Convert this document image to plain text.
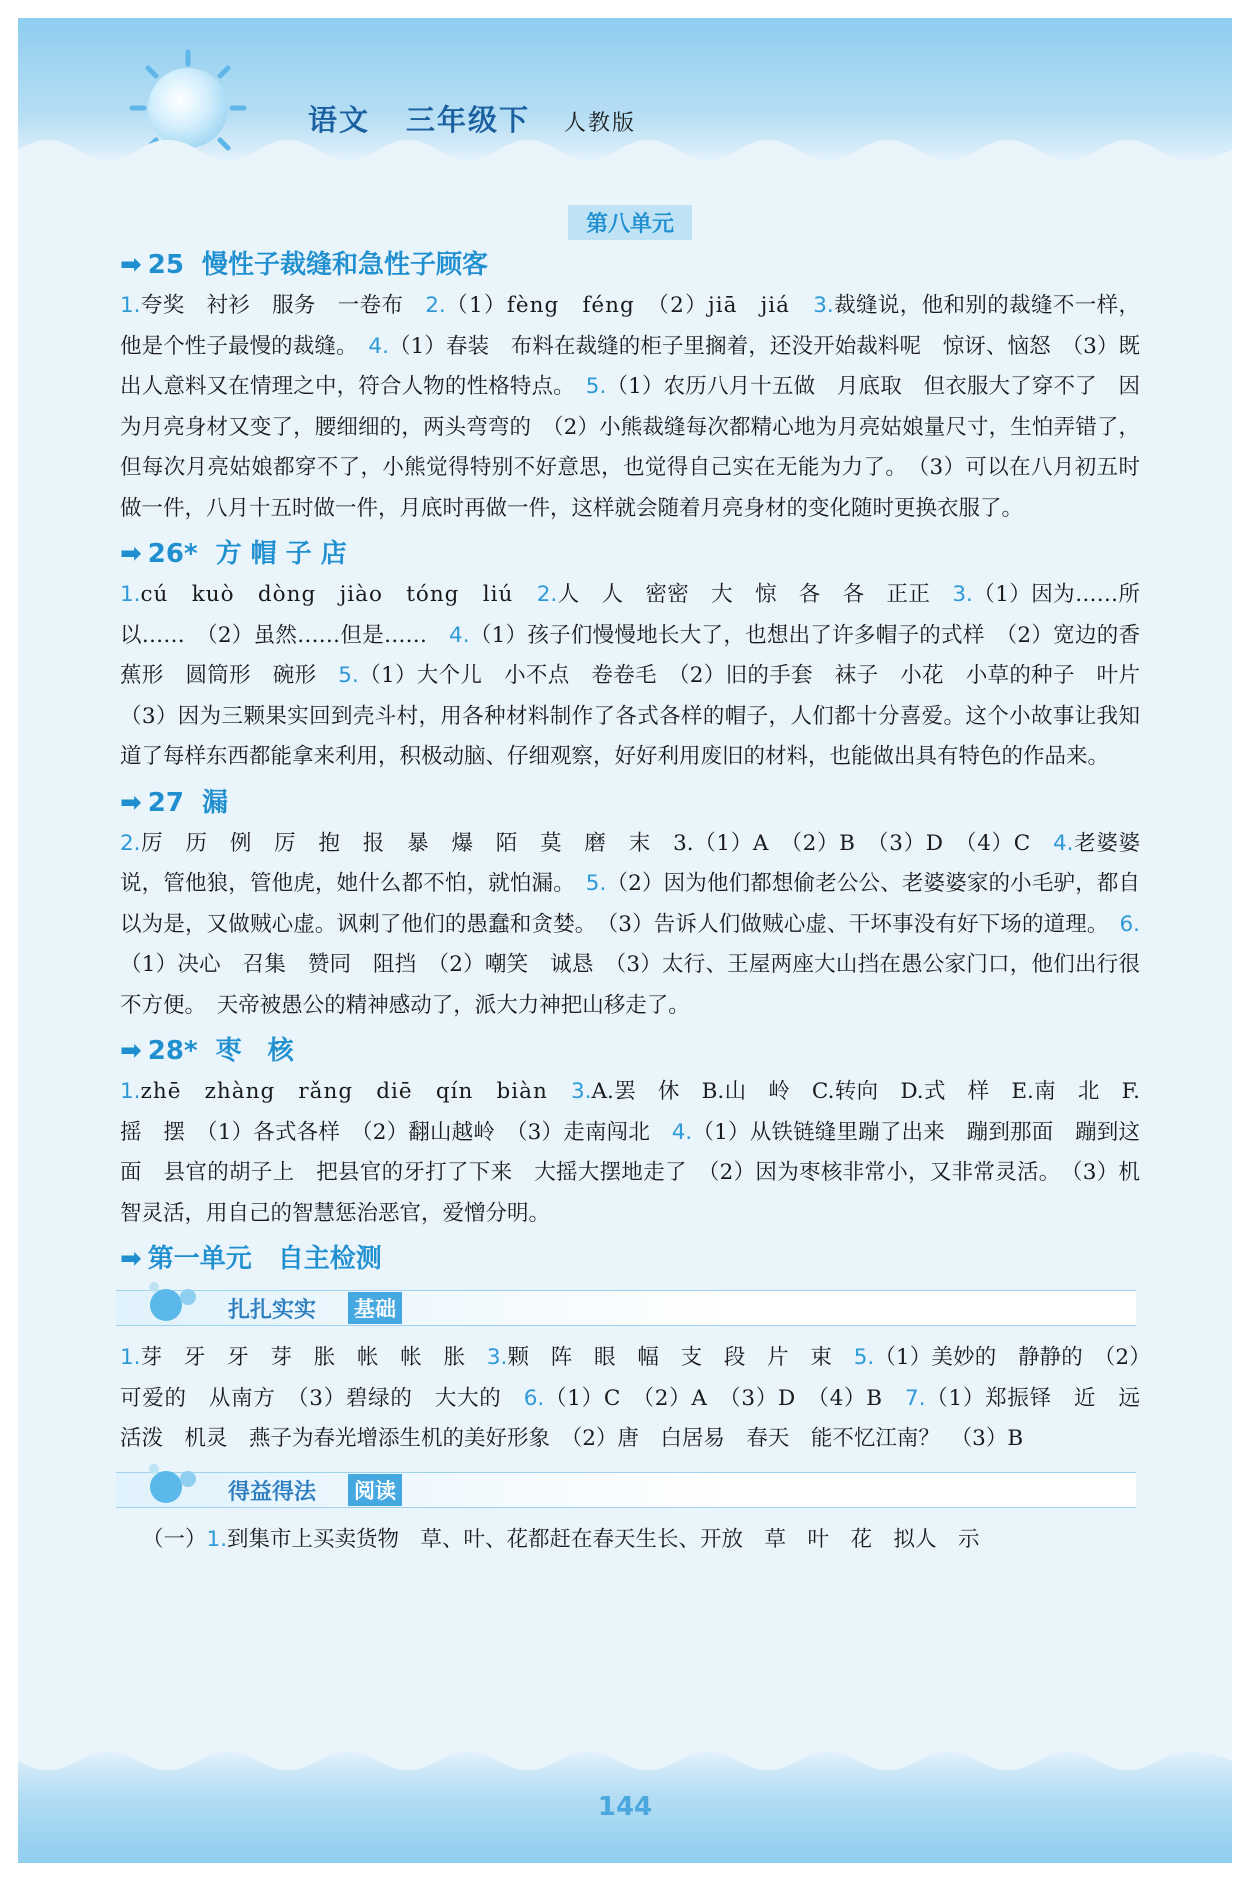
语文 三年级下 人教版
第八单元
➡ 25 慢性子裁缝和急性子顾客
1.夸奖　衬衫　服务　一卷布　2.（1）fèng　féng　（2）jiā　jiá　3.裁缝说，他和别的裁缝不一样，他是个性子最慢的裁缝。　4.（1）春装　布料在裁缝的柜子里搁着，还没开始裁料呢　惊讶、恼怒　（3）既出人意料又在情理之中，符合人物的性格特点。　5.（1）农历八月十五做　月底取　但衣服大了穿不了　因为月亮身材又变了，腰细细的，两头弯弯的　（2）小熊裁缝每次都精心地为月亮姑娘量尺寸，生怕弄错了，但每次月亮姑娘都穿不了，小熊觉得特别不好意思，也觉得自己实在无能为力了。　（3）可以在八月初五时做一件，八月十五时做一件，月底时再做一件，这样就会随着月亮身材的变化随时更换衣服了。
➡ 26* 方 帽 子 店
1.cú　kuò　dòng　jiào　tóng　liú　2.人　人　密密　大　惊　各　各　正正　3.（1）因为……所以……　（2）虽然……但是……　4.（1）孩子们慢慢地长大了，也想出了许多帽子的式样　（2）宽边的香蕉形　圆筒形　碗形　5.（1）大个儿　小不点　卷卷毛　（2）旧的手套　袜子　小花　小草的种子　叶片　（3）因为三颗果实回到壳斗村，用各种材料制作了各式各样的帽子，人们都十分喜爱。这个小故事让我知道了每样东西都能拿来利用，积极动脑、仔细观察，好好利用废旧的材料，也能做出具有特色的作品来。
➡ 27 漏
2.厉　历　例　厉　抱　报　暴　爆　陌　莫　磨　末　3.（1）A　（2）B　（3）D　（4）C　4.老婆婆说，管他狼，管他虎，她什么都不怕，就怕漏。　5.（2）因为他们都想偷老公公、老婆婆家的小毛驴，都自以为是，又做贼心虚。讽刺了他们的愚蠢和贪婪。　（3）告诉人们做贼心虚、干坏事没有好下场的道理。　6.（1）决心　召集　赞同　阻挡　（2）嘲笑　诚恳　（3）太行、王屋两座大山挡在愚公家门口，他们出行很不方便。　天帝被愚公的精神感动了，派大力神把山移走了。
➡ 28* 枣　核
1.zhē　zhàng　rǎng　diē　qín　biàn　3.A.罢　休　B.山　岭　C.转向　D.式　样　E.南　北　F.摇　摆　（1）各式各样　（2）翻山越岭　（3）走南闯北　4.（1）从铁链缝里蹦了出来　蹦到那面　蹦到这面　县官的胡子上　把县官的牙打了下来　大摇大摆地走了　（2）因为枣核非常小，又非常灵活。　（3）机智灵活，用自己的智慧惩治恶官，爱憎分明。
➡ 第一单元　自主检测
扎扎实实 基础
1.芽　牙　牙　芽　胀　帐　帐　胀　3.颗　阵　眼　幅　支　段　片　束　5.（1）美妙的　静静的　（2）可爱的　从南方　（3）碧绿的　大大的　6.（1）C　（2）A　（3）D　（4）B　7.（1）郑振铎　近　远　活泼　机灵　燕子为春光增添生机的美好形象　（2）唐　白居易　春天　能不忆江南？　（3）B
得益得法 阅读
（一）1.到集市上买卖货物　草、叶、花都赶在春天生长、开放　草　叶　花　拟人　示
144
